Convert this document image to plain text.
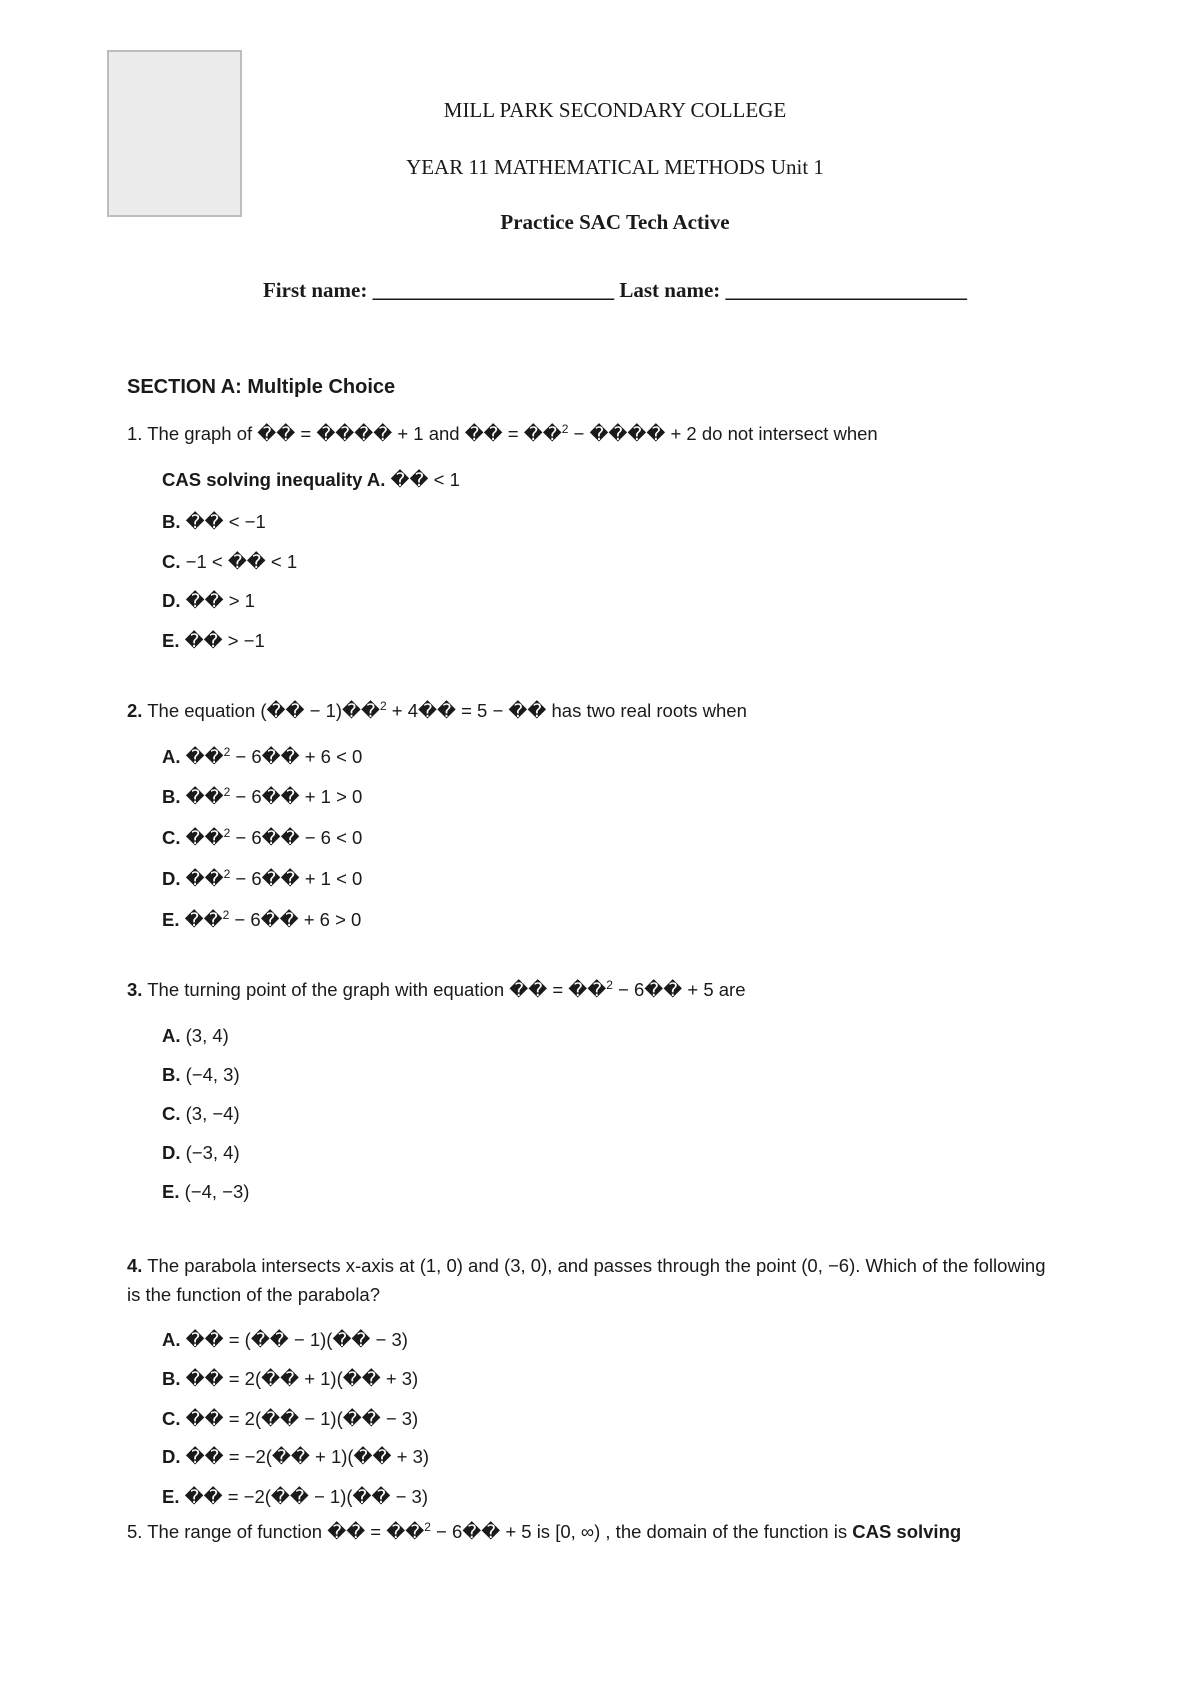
MILL PARK SECONDARY COLLEGE
YEAR 11 MATHEMATICAL METHODS Unit 1
Practice SAC Tech Active
First name: _______________________ Last name: _______________________
SECTION A: Multiple Choice
1. The graph of �� = ���� + 1 and �� = ��$^2$ − ���� + 2 do not intersect when
CAS solving inequality A. �� < 1
B. �� < −1
C. −1 < �� < 1
D. �� > 1
E. �� > −1
2. The equation (�� − 1)��$^2$ + 4�� = 5 − �� has two real roots when
A. ��$^2$ − 6�� + 6 < 0
B. ��$^2$ − 6�� + 1 > 0
C. ��$^2$ − 6�� − 6 < 0
D. ��$^2$ − 6�� + 1 < 0
E. ��$^2$ − 6�� + 6 > 0
3. The turning point of the graph with equation �� = ��$^2$ − 6�� + 5 are
A. (3, 4)
B. (−4, 3)
C. (3, −4)
D. (−3, 4)
E. (−4, −3)
4. The parabola intersects x-axis at (1, 0) and (3, 0), and passes through the point (0, −6). Which of the following is the function of the parabola?
A. �� = (�� − 1)(�� − 3)
B. �� = 2(�� + 1)(�� + 3)
C. �� = 2(�� − 1)(�� − 3)
D. �� = −2(�� + 1)(�� + 3)
E. �� = −2(�� − 1)(�� − 3)
5. The range of function �� = ��$^2$ − 6�� + 5 is [0, ∞) , the domain of the function is CAS solving
